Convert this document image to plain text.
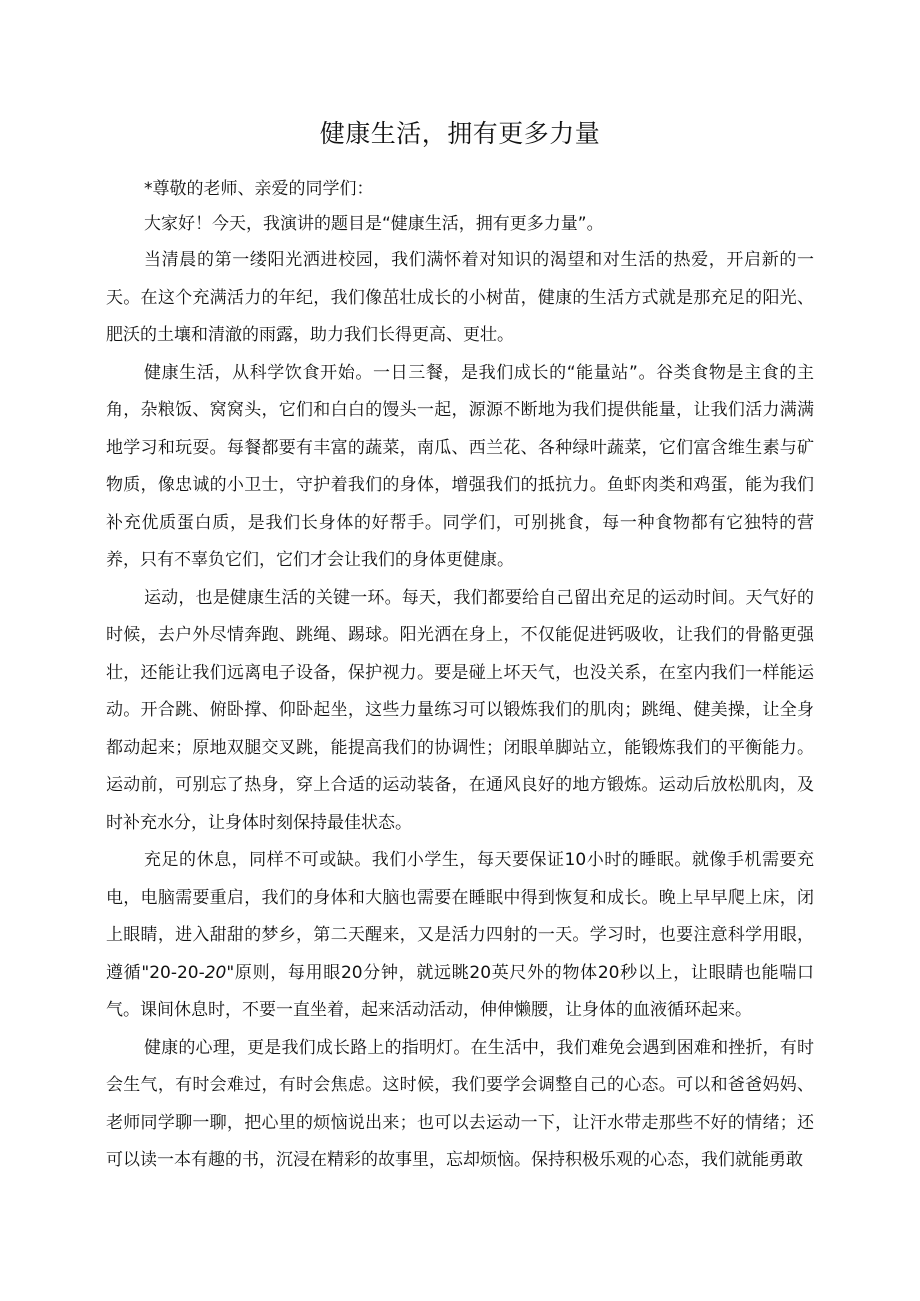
健康生活，拥有更多力量

*尊敬的老师、亲爱的同学们：

大家好！今天，我演讲的题目是“健康生活，拥有更多力量”。

当清晨的第一缕阳光洒进校园，我们满怀着对知识的渴望和对生活的热爱，开启新的一天。在这个充满活力的年纪，我们像茁壮成长的小树苗，健康的生活方式就是那充足的阳光、肥沃的土壤和清澈的雨露，助力我们长得更高、更壮。

健康生活，从科学饮食开始。一日三餐，是我们成长的“能量站”。谷类食物是主食的主角，杂粮饭、窝窝头，它们和白白的馒头一起，源源不断地为我们提供能量，让我们活力满满地学习和玩耍。每餐都要有丰富的蔬菜，南瓜、西兰花、各种绿叶蔬菜，它们富含维生素与矿物质，像忠诚的小卫士，守护着我们的身体，增强我们的抵抗力。鱼虾肉类和鸡蛋，能为我们补充优质蛋白质，是我们长身体的好帮手。同学们，可别挑食，每一种食物都有它独特的营养，只有不辜负它们，它们才会让我们的身体更健康。

运动，也是健康生活的关键一环。每天，我们都要给自己留出充足的运动时间。天气好的时候，去户外尽情奔跑、跳绳、踢球。阳光洒在身上，不仅能促进钙吸收，让我们的骨骼更强壮，还能让我们远离电子设备，保护视力。要是碰上坏天气，也没关系，在室内我们一样能运动。开合跳、俯卧撑、仰卧起坐，这些力量练习可以锻炼我们的肌肉；跳绳、健美操，让全身都动起来；原地双腿交叉跳，能提高我们的协调性；闭眼单脚站立，能锻炼我们的平衡能力。运动前，可别忘了热身，穿上合适的运动装备，在通风良好的地方锻炼。运动后放松肌肉，及时补充水分，让身体时刻保持最佳状态。

充足的休息，同样不可或缺。我们小学生，每天要保证10小时的睡眠。就像手机需要充电，电脑需要重启，我们的身体和大脑也需要在睡眠中得到恢复和成长。晚上早早爬上床，闭上眼睛，进入甜甜的梦乡，第二天醒来，又是活力四射的一天。学习时，也要注意科学用眼，遵循"20-20-20"原则，每用眼20分钟，就远眺20英尺外的物体20秒以上，让眼睛也能喘口气。课间休息时，不要一直坐着，起来活动活动，伸伸懒腰，让身体的血液循环起来。

健康的心理，更是我们成长路上的指明灯。在生活中，我们难免会遇到困难和挫折，有时会生气，有时会难过，有时会焦虑。这时候，我们要学会调整自己的心态。可以和爸爸妈妈、老师同学聊一聊，把心里的烦恼说出来；也可以去运动一下，让汗水带走那些不好的情绪；还可以读一本有趣的书，沉浸在精彩的故事里，忘却烦恼。保持积极乐观的心态，我们就能勇敢
